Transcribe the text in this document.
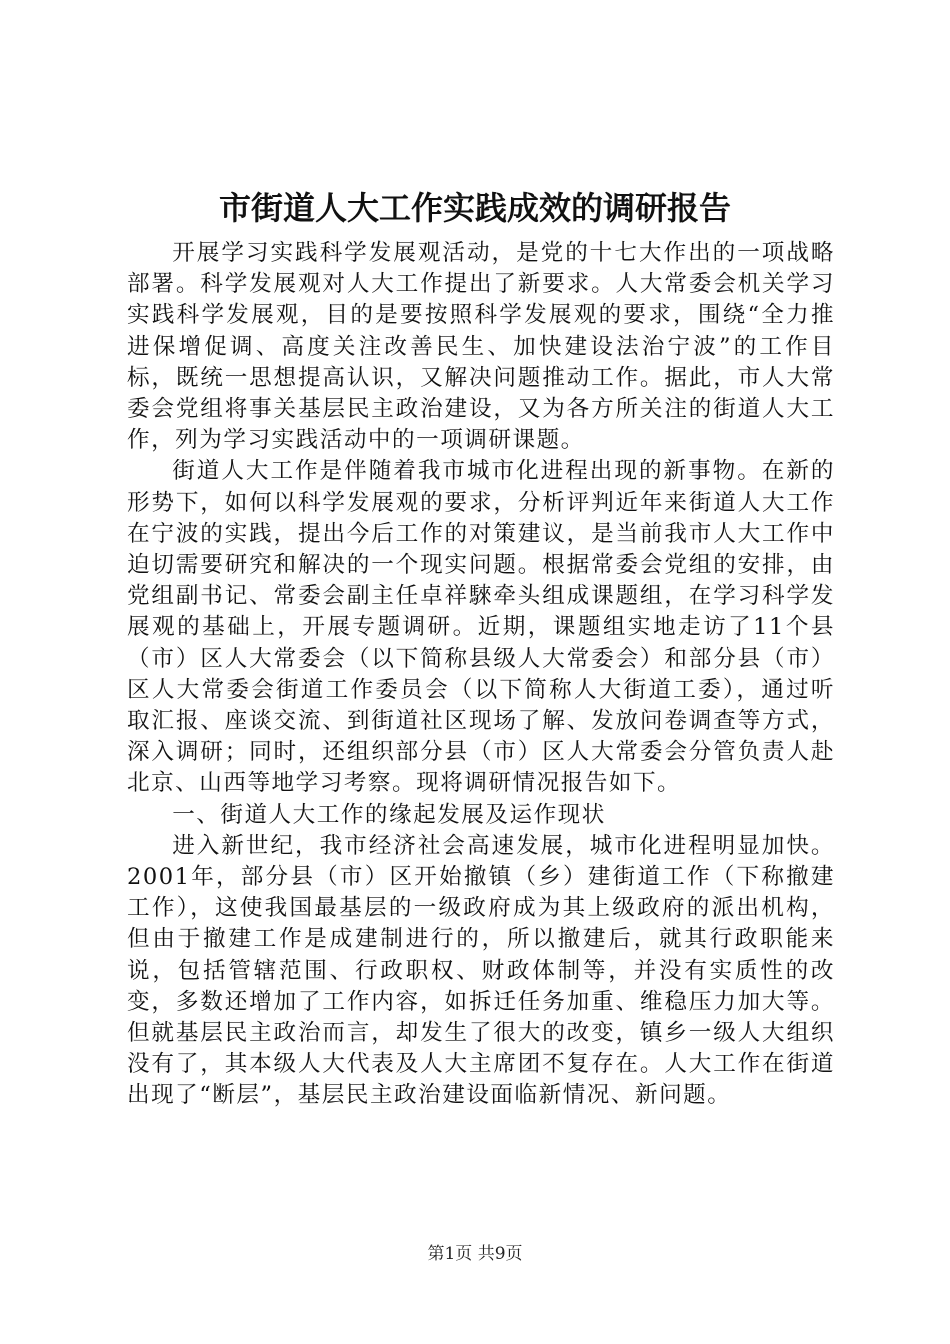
市街道人大工作实践成效的调研报告

开展学习实践科学发展观活动，是党的十七大作出的一项战略部署。科学发展观对人大工作提出了新要求。人大常委会机关学习实践科学发展观，目的是要按照科学发展观的要求，围绕“全力推进保增促调、高度关注改善民生、加快建设法治宁波”的工作目标，既统一思想提高认识，又解决问题推动工作。据此，市人大常委会党组将事关基层民主政治建设，又为各方所关注的街道人大工作，列为学习实践活动中的一项调研课题。

街道人大工作是伴随着我市城市化进程出现的新事物。在新的形势下，如何以科学发展观的要求，分析评判近年来街道人大工作在宁波的实践，提出今后工作的对策建议，是当前我市人大工作中迫切需要研究和解决的一个现实问题。根据常委会党组的安排，由党组副书记、常委会副主任卓祥騋牵头组成课题组，在学习科学发展观的基础上，开展专题调研。近期，课题组实地走访了11个县（市）区人大常委会（以下简称县级人大常委会）和部分县（市）区人大常委会街道工作委员会（以下简称人大街道工委），通过听取汇报、座谈交流、到街道社区现场了解、发放问卷调查等方式，深入调研；同时，还组织部分县（市）区人大常委会分管负责人赴北京、山西等地学习考察。现将调研情况报告如下。

一、街道人大工作的缘起发展及运作现状

进入新世纪，我市经济社会高速发展，城市化进程明显加快。2001年，部分县（市）区开始撤镇（乡）建街道工作（下称撤建工作），这使我国最基层的一级政府成为其上级政府的派出机构，但由于撤建工作是成建制进行的，所以撤建后，就其行政职能来说，包括管辖范围、行政职权、财政体制等，并没有实质性的改变，多数还增加了工作内容，如拆迁任务加重、维稳压力加大等。但就基层民主政治而言，却发生了很大的改变，镇乡一级人大组织没有了，其本级人大代表及人大主席团不复存在。人大工作在街道出现了“断层”，基层民主政治建设面临新情况、新问题。

第1页 共9页
